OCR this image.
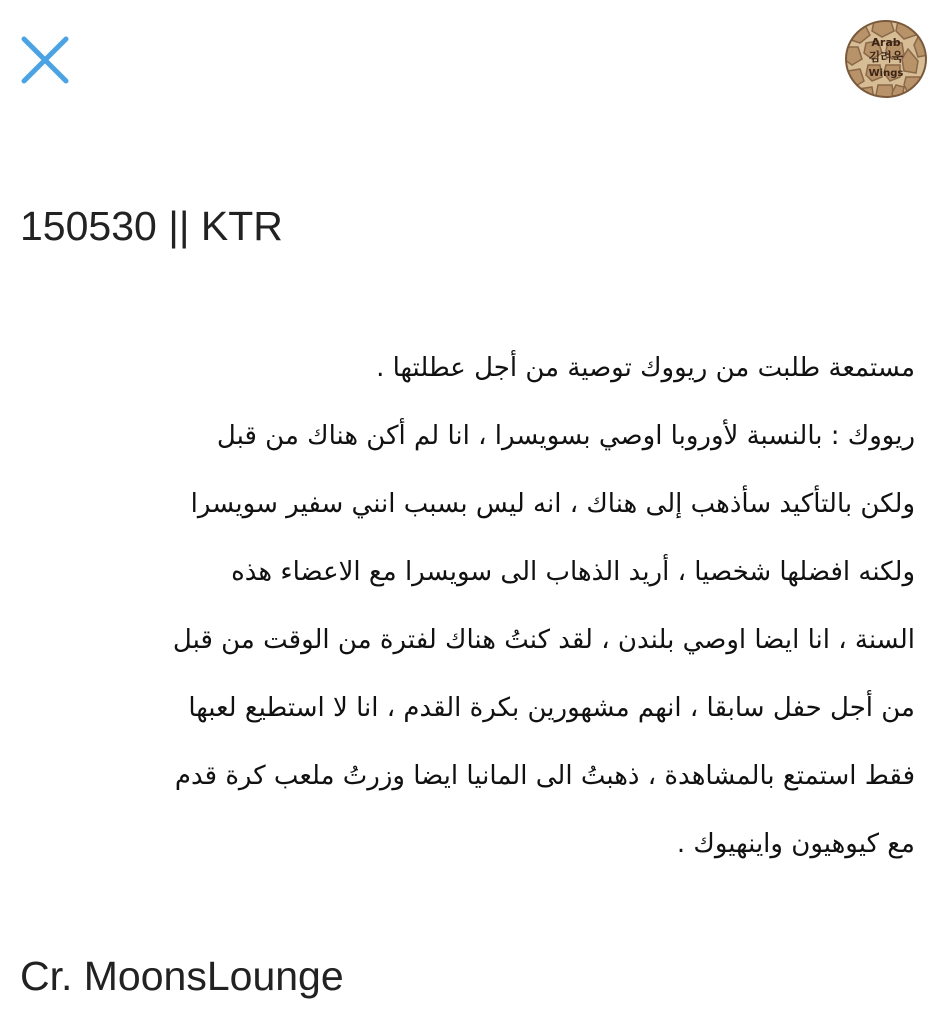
Arab
김려욱
Wings
150530 || KTR
مستمعة طلبت من ريووك توصية من أجل عطلتها .
ريووك : بالنسبة لأوروبا اوصي بسويسرا ، انا لم أكن هناك من قبل
ولكن بالتأكيد سأذهب إلى هناك ، انه ليس بسبب انني سفير سويسرا
ولكنه افضلها شخصيا ، أريد الذهاب الى سويسرا مع الاعضاء هذه
السنة ، انا ايضا اوصي بلندن ، لقد كنتُ هناك لفترة من الوقت من قبل
من أجل حفل سابقا ، انهم مشهورين بكرة القدم ، انا لا استطيع لعبها
فقط استمتع بالمشاهدة ، ذهبتُ الى المانيا ايضا وزرتُ ملعب كرة قدم
مع كيوهيون واينهيوك .
Cr. MoonsLounge
